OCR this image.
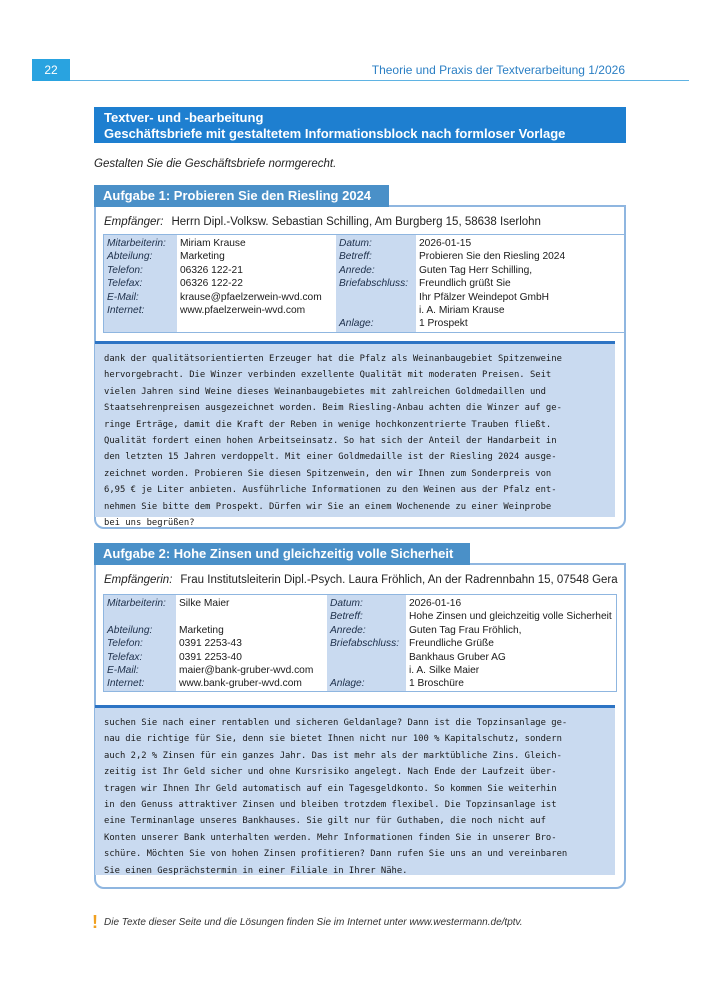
22	Theorie und Praxis der Textverarbeitung 1/2026
Textver- und -bearbeitung
Geschäftsbriefe mit gestaltetem Informationsblock nach formloser Vorlage
Gestalten Sie die Geschäftsbriefe normgerecht.
Aufgabe 1: Probieren Sie den Riesling 2024
Empfänger: Herrn Dipl.-Volksw. Sebastian Schilling, Am Burgberg 15, 58638 Iserlohn
Mitarbeiterin:
Abteilung:
Telefon:
Telefax:
E-Mail:
Internet:
Miriam Krause
Marketing
06326 122-21
06326 122-22
krause@pfaelzerwein-wvd.com
www.pfaelzerwein-wvd.com
Datum:
Betreff:
Anrede:
Briefabschluss:
Anlage:
2026-01-15
Probieren Sie den Riesling 2024
Guten Tag Herr Schilling,
Freundlich grüßt Sie
Ihr Pfälzer Weindepot GmbH
i. A. Miriam Krause
1 Prospekt
dank der qualitätsorientierten Erzeuger hat die Pfalz als Weinanbaugebiet Spitzenweine
hervorgebracht. Die Winzer verbinden exzellente Qualität mit moderaten Preisen. Seit
vielen Jahren sind Weine dieses Weinanbaugebietes mit zahlreichen Goldmedaillen und
Staatsehrenpreisen ausgezeichnet worden. Beim Riesling-Anbau achten die Winzer auf ge-
ringe Erträge, damit die Kraft der Reben in wenige hochkonzentrierte Trauben fließt.
Qualität fordert einen hohen Arbeitseinsatz. So hat sich der Anteil der Handarbeit in
den letzten 15 Jahren verdoppelt. Mit einer Goldmedaille ist der Riesling 2024 ausge-
zeichnet worden. Probieren Sie diesen Spitzenwein, den wir Ihnen zum Sonderpreis von
6,95 € je Liter anbieten. Ausführliche Informationen zu den Weinen aus der Pfalz ent-
nehmen Sie bitte dem Prospekt. Dürfen wir Sie an einem Wochenende zu einer Weinprobe
bei uns begrüßen?
Aufgabe 2: Hohe Zinsen und gleichzeitig volle Sicherheit
Empfängerin: Frau Institutsleiterin Dipl.-Psych. Laura Fröhlich, An der Radrennbahn 15, 07548 Gera
Mitarbeiterin:
Abteilung:
Telefon:
Telefax:
E-Mail:
Internet:
Silke Maier
Marketing
0391 2253-43
0391 2253-40
maier@bank-gruber-wvd.com
www.bank-gruber-wvd.com
Datum:
Betreff:
Anrede:
Briefabschluss:
Anlage:
2026-01-16
Hohe Zinsen und gleichzeitig volle Sicherheit
Guten Tag Frau Fröhlich,
Freundliche Grüße
Bankhaus Gruber AG
i. A. Silke Maier
1 Broschüre
suchen Sie nach einer rentablen und sicheren Geldanlage? Dann ist die Topzinsanlage ge-
nau die richtige für Sie, denn sie bietet Ihnen nicht nur 100 % Kapitalschutz, sondern
auch 2,2 % Zinsen für ein ganzes Jahr. Das ist mehr als der marktübliche Zins. Gleich-
zeitig ist Ihr Geld sicher und ohne Kursrisiko angelegt. Nach Ende der Laufzeit über-
tragen wir Ihnen Ihr Geld automatisch auf ein Tagesgeldkonto. So kommen Sie weiterhin
in den Genuss attraktiver Zinsen und bleiben trotzdem flexibel. Die Topzinsanlage ist
eine Terminanlage unseres Bankhauses. Sie gilt nur für Guthaben, die noch nicht auf
Konten unserer Bank unterhalten werden. Mehr Informationen finden Sie in unserer Bro-
schüre. Möchten Sie von hohen Zinsen profitieren? Dann rufen Sie uns an und vereinbaren
Sie einen Gesprächstermin in einer Filiale in Ihrer Nähe.
! Die Texte dieser Seite und die Lösungen finden Sie im Internet unter www.westermann.de/tptv.
